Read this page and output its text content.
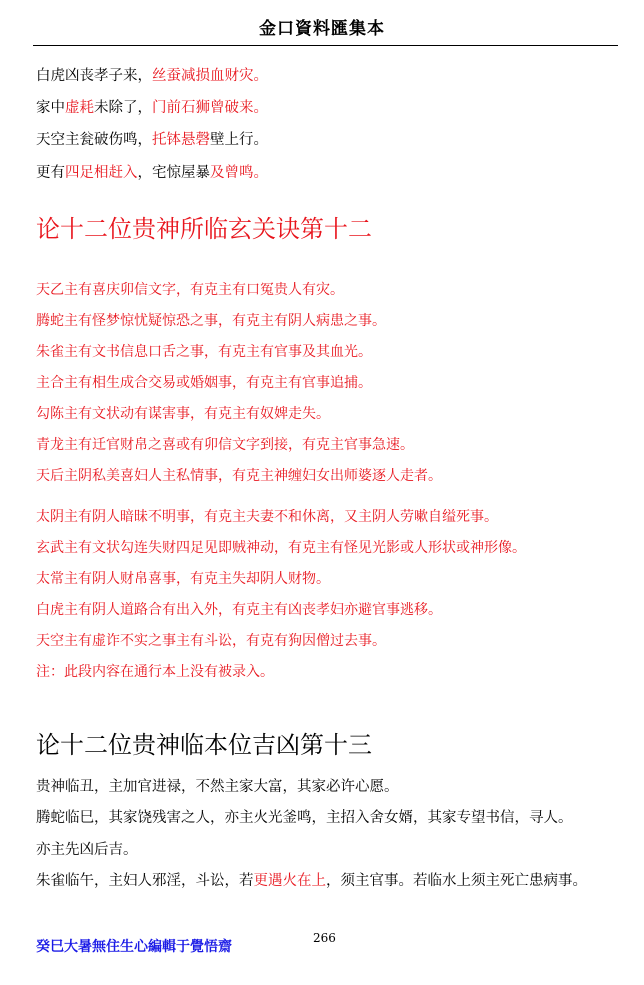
金口資料匯集本
白虎凶丧孝子来，丝蚕减损血财灾。
家中虚耗未除了，门前石狮曾破来。
天空主瓮破伤鸣，托钵悬磬壁上行。
更有四足相赶入，宅惊屋暴及曾鸣。
论十二位贵神所临玄关诀第十二
天乙主有喜庆卯信文字，有克主有口冤贵人有灾。
腾蛇主有怪梦惊忧疑惊恐之事，有克主有阴人病患之事。
朱雀主有文书信息口舌之事，有克主有官事及其血光。
主合主有相生成合交易或婚姻事，有克主有官事追捕。
勾陈主有文状动有谋害事，有克主有奴婢走失。
青龙主有迁官财帛之喜或有卯信文字到接，有克主官事急速。
天后主阴私美喜妇人主私情事，有克主神缠妇女出师婆逐人走者。
太阴主有阴人暗昧不明事，有克主夫妻不和休离，又主阴人劳嗽自缢死事。
玄武主有文状勾连失财四足见即贼神动，有克主有怪见光影或人形状或神形像。
太常主有阴人财帛喜事，有克主失却阴人财物。
白虎主有阴人道路合有出入外，有克主有凶丧孝妇亦避官事逃移。
天空主有虚诈不实之事主有斗讼，有克有狗因僧过去事。
注：此段内容在通行本上没有被录入。
论十二位贵神临本位吉凶第十三
贵神临丑，主加官进禄，不然主家大富，其家必许心愿。
腾蛇临巳，其家饶残害之人，亦主火光釜鸣，主招入舍女婿，其家专望书信，寻人。
亦主先凶后吉。
朱雀临午，主妇人邪淫，斗讼，若更遇火在上，须主官事。若临水上须主死亡患病事。
癸巳大暑無住生心編輯于覺悟齋
266
